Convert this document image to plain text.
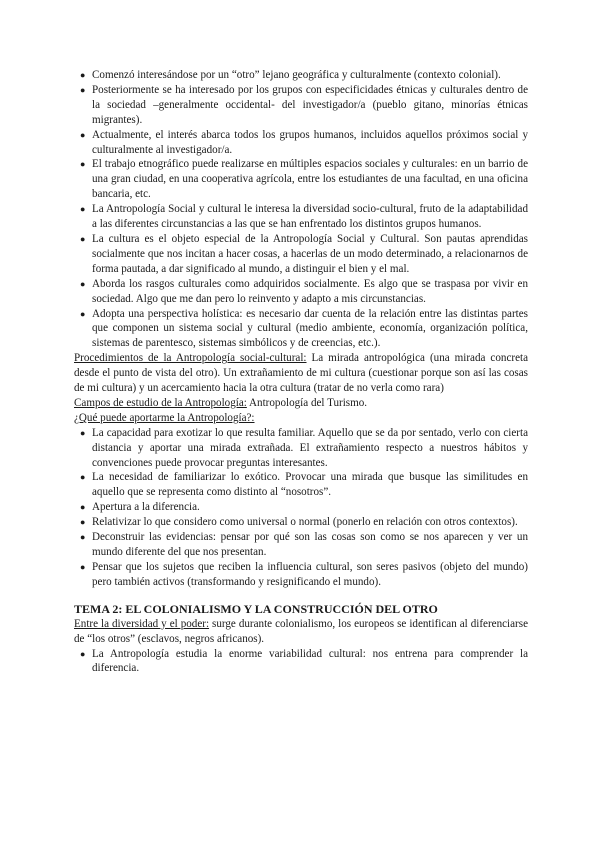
● Comenzó interesándose por un “otro” lejano geográfica y culturalmente (contexto colonial).
● Posteriormente se ha interesado por los grupos con especificidades étnicas y culturales dentro de la sociedad –generalmente occidental- del investigador/a (pueblo gitano, minorías étnicas migrantes).
● Actualmente, el interés abarca todos los grupos humanos, incluidos aquellos próximos social y culturalmente al investigador/a.
● El trabajo etnográfico puede realizarse en múltiples espacios sociales y culturales: en un barrio de una gran ciudad, en una cooperativa agrícola, entre los estudiantes de una facultad, en una oficina bancaria, etc.
● La Antropología Social y cultural le interesa la diversidad socio-cultural, fruto de la adaptabilidad a las diferentes circunstancias a las que se han enfrentado los distintos grupos humanos.
● La cultura es el objeto especial de la Antropología Social y Cultural. Son pautas aprendidas socialmente que nos incitan a hacer cosas, a hacerlas de un modo determinado, a relacionarnos de forma pautada, a dar significado al mundo, a distinguir el bien y el mal.
● Aborda los rasgos culturales como adquiridos socialmente. Es algo que se traspasa por vivir en sociedad. Algo que me dan pero lo reinvento y adapto a mis circunstancias.
● Adopta una perspectiva holística: es necesario dar cuenta de la relación entre las distintas partes que componen un sistema social y cultural (medio ambiente, economía, organización política, sistemas de parentesco, sistemas simbólicos y de creencias, etc.).

Procedimientos de la Antropología social-cultural: La mirada antropológica (una mirada concreta desde el punto de vista del otro). Un extrañamiento de mi cultura (cuestionar porque son así las cosas de mi cultura) y un acercamiento hacia la otra cultura (tratar de no verla como rara)

Campos de estudio de la Antropología: Antropología del Turismo.

¿Qué puede aportarme la Antropología?:

● La capacidad para exotizar lo que resulta familiar. Aquello que se da por sentado, verlo con cierta distancia y aportar una mirada extrañada. El extrañamiento respecto a nuestros hábitos y convenciones puede provocar preguntas interesantes.
● La necesidad de familiarizar lo exótico. Provocar una mirada que busque las similitudes en aquello que se representa como distinto al “nosotros”.
● Apertura a la diferencia.
● Relativizar lo que considero como universal o normal (ponerlo en relación con otros contextos).
● Deconstruir las evidencias: pensar por qué son las cosas son como se nos aparecen y ver un mundo diferente del que nos presentan.
● Pensar que los sujetos que reciben la influencia cultural, son seres pasivos (objeto del mundo) pero también activos (transformando y resignificando el mundo).

TEMA 2: EL COLONIALISMO Y LA CONSTRUCCIÓN DEL OTRO

Entre la diversidad y el poder: surge durante colonialismo, los europeos se identifican al diferenciarse de “los otros” (esclavos, negros africanos).

● La Antropología estudia la enorme variabilidad cultural: nos entrena para comprender la diferencia.
